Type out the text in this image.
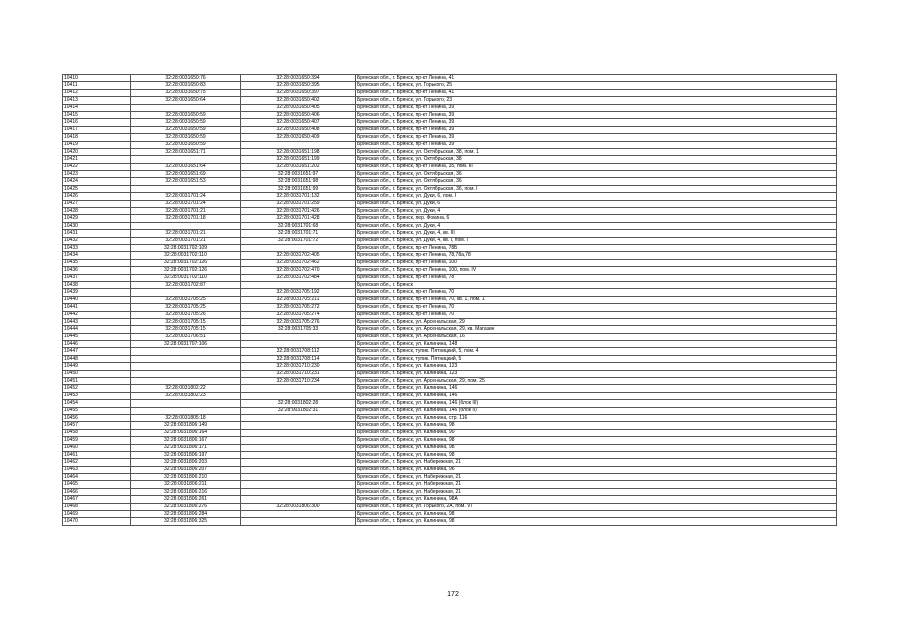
10410	32:28:0031650:76	32:28:0031650:394	Брянская обл., г. Брянск, пр-кт Ленина, 41
10411	32:28:0031650:83	32:28:0031650:395	Брянская обл., г. Брянск, ул. Горького, 25
10412	32:28:0031650:75	32:28:0031650:397	Брянская обл., г. Брянск, пр-кт Ленина, 41
10413	32:28:0031650:64	32:28:0031650:402	Брянская обл., г. Брянск, ул. Горького, 23
10414		32:28:0031650:405	Брянская обл., г. Брянск, пр-кт Ленина, 39
10415	32:28:0031650:59	32:28:0031650:406	Брянская обл., г. Брянск, пр-кт Ленина, 39
10416	32:28:0031650:59	32:28:0031650:407	Брянская обл., г. Брянск, пр-кт Ленина, 39
10417	32:28:0031650:59	32:28:0031650:408	Брянская обл., г. Брянск, пр-кт Ленина, 39
10418	32:28:0031650:59	32:28:0031650:409	Брянская обл., г. Брянск, пр-кт Ленина, 39
10419	32:28:0031650:59		Брянская обл., г. Брянск, пр-кт Ленина, 39
10420	32:28:0031651:71	32:28:0031651:198	Брянская обл., г. Брянск, ул. Октябрьская, 38, пом. 1
10421		32:28:0031651:199	Брянская обл., г. Брянск, ул. Октябрьская, 38
10422	32:28:0031651:64	32:28:0031651:202	Брянская обл., г. Брянск, пр-кт Ленина, 35, пом. III
10423	32:28:0031651:69	32:28:0031651:97	Брянская обл., г. Брянск, ул. Октябрьская, 36
10424	32:28:0031651:53	32:28:0031651:98	Брянская обл., г. Брянск, ул. Октябрьская, 36
10425		32:28:0031651:99	Брянская обл., г. Брянск, ул. Октябрьская, 36, пом. I
10426	32:28:0031701:24	32:28:0031701:132	Брянская обл., г. Брянск, ул. Дуки, 6, пом. I
10427	32:28:0031701:24	32:28:0031701:259	Брянская обл., г. Брянск, ул. Дуки, 6
10428	32:28:0031701:21	32:28:0031701:426	Брянская обл., г. Брянск, ул. Дуки, 4
10429	32:28:0031701:18	32:28:0031701:428	Брянская обл., г. Брянск, пер. Фокина, 6
10430		32:28:0031701:68	Брянская обл., г. Брянск, ул. Дуки, 4
10431	32:28:0031701:21	32:28:0031701:71	Брянская обл., г. Брянск, ул. Дуки, 4, кв. III
10432	32:28:0031701:21	32:28:0031701:72	Брянская обл., г. Брянск, ул. Дуки, 4, кв. I, пом. I
10433	32:28:0031702:109		Брянская обл., г. Брянск, пр-кт Ленина, 78Б
10434	32:28:0031702:110	32:28:0031702:405	Брянская обл., г. Брянск, пр-кт Ленина, 78,78а,78
10435	32:28:0031702:126	32:28:0031702:462	Брянская обл., г. Брянск, пр-кт Ленина, 100
10436	32:28:0031702:126	32:28:0031702:470	Брянская обл., г. Брянск, пр-кт Ленина, 100, пом. IV
10437	32:28:0031702:110	32:28:0031702:484	Брянская обл., г. Брянск, пр-кт Ленина, 78
10438	32:28:0031702:87		Брянская обл., г. Брянск
10439		32:28:0031705:192	Брянская обл., г. Брянск, пр-кт Ленина, 70
10440	32:28:0031705:25	32:28:0031705:211	Брянская обл., г. Брянск, пр-кт Ленина, 70, кв. 1, пом. 1
10441	32:28:0031705:25	32:28:0031705:272	Брянская обл., г. Брянск, пр-кт Ленина, 70
10442	32:28:0031705:26	32:28:0031705:274	Брянская обл., г. Брянск, пр-кт Ленина, 70
10443	32:28:0031705:15	32:28:0031705:276	Брянская обл., г. Брянск, ул. Арсенальская, 29
10444	32:28:0031705:15	32:28:0031705:33	Брянская обл., г. Брянск, ул. Арсенальская, 29, кв. Магазин
10445	32:28:0031706:51		Брянская обл., г. Брянск, ул. Арсенальская, 16
10446	32:28:0031707:106		Брянская обл., г. Брянск, ул. Калинина, 148
10447		32:28:0031708:112	Брянская обл., г. Брянск, тупик. Пятницкий, 5, пом. 4
10448		32:28:0031708:114	Брянская обл., г. Брянск, тупик. Пятницкий, 5
10449		32:28:0031710:230	Брянская обл., г. Брянск, ул. Калинина, 123
10450		32:28:0031710:231	Брянская обл., г. Брянск, ул. Калинина, 123
10451		32:28:0031710:234	Брянская обл., г. Брянск, ул. Арсенальская, 29, пом. 25
10452	32:28:0031802:22		Брянская обл., г. Брянск, ул. Калинина, 146
10453	32:28:0031802:23		Брянская обл., г. Брянск, ул. Калинина, 146
10454		32:28:0031802:28	Брянская обл., г. Брянск, ул. Калинина, 146 (блок III)
10455		32:28:0031802:31	Брянская обл., г. Брянск, ул. Калинина, 146 (блок II)
10456	32:28:0031805:18		Брянская обл., г. Брянск, ул. Калинина, стр. 116
10457	32:28:0031806:149		Брянская обл., г. Брянск, ул. Калинина, 98
10458	32:28:0031806:164		Брянская обл., г. Брянск, ул. Калинина, 90
10459	32:28:0031806:167		Брянская обл., г. Брянск, ул. Калинина, 98
10460	32:28:0031806:171		Брянская обл., г. Брянск, ул. Калинина, 98
10461	32:28:0031806:197		Брянская обл., г. Брянск, ул. Калинина, 98
10462	32:28:0031806:203		Брянская обл., г. Брянск, ул. Набережная, 21
10463	32:28:0031806:207		Брянская обл., г. Брянск, ул. Калинина, 96
10464	32:28:0031806:210		Брянская обл., г. Брянск, ул. Набережная, 21
10465	32:28:0031806:211		Брянская обл., г. Брянск, ул. Набережная, 21
10466	32:28:0031806:216		Брянская обл., г. Брянск, ул. Набережная, 21
10467	32:28:0031806:261		Брянская обл., г. Брянск, ул. Калинина, 98А
10468	32:28:0031806:276	32:28:0031806:300	Брянская обл., г. Брянск, ул. Горького, 2А, пом. VI
10469	32:28:0031806:284		Брянская обл., г. Брянск, ул. Калинина, 98
10470	32:28:0031806:325		Брянская обл., г. Брянск, ул. Калинина, 98
172
